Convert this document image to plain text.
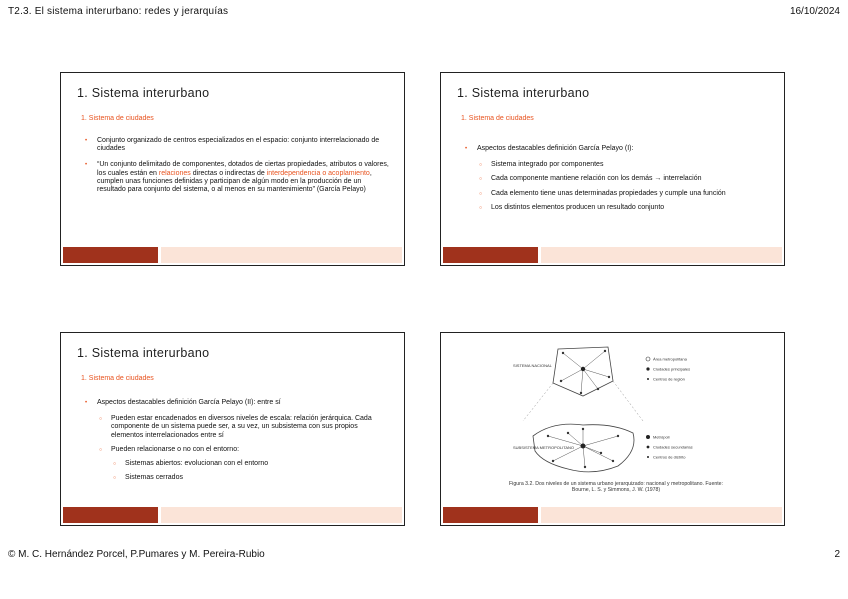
T2.3. El sistema interurbano: redes y jerarquías	16/10/2024
1. Sistema interurbano
1. Sistema de ciudades
• Conjunto organizado de centros especializados en el espacio: conjunto interrelacionado de ciudades
• “Un conjunto delimitado de componentes, dotados de ciertas propiedades, atributos o valores, los cuales están en relaciones directas o indirectas de interdependencia o acoplamiento, cumplen unas funciones definidas y participan de algún modo en la producción de un resultado para conjunto del sistema, o al menos en su mantenimiento” (García Pelayo)
1. Sistema interurbano
1. Sistema de ciudades
• Aspectos destacables definición García Pelayo (I):
○ Sistema integrado por componentes
○ Cada componente mantiene relación con los demás → interrelación
○ Cada elemento tiene unas determinadas propiedades y cumple una función
○ Los distintos elementos producen un resultado conjunto
1. Sistema interurbano
1. Sistema de ciudades
• Aspectos destacables definición García Pelayo (II): entre sí
○ Pueden estar encadenados en diversos niveles de escala: relación jerárquica. Cada componente de un sistema puede ser, a su vez, un subsistema con sus propios elementos interrelacionados entre sí
○ Pueden relacionarse o no con el entorno:
○ Sistemas abiertos: evolucionan con el entorno
○ Sistemas cerrados
SISTEMA NACIONAL
SUBSISTEMA METROPOLITANO
Área metropolitana
Ciudades principales
Centros de región
Metrópoli
Ciudades secundarias
Centros de distrito
Figura 3.2. Dos niveles de un sistema urbano jerarquizado: nacional y metropolitano. Fuente: Bourne, L. S. y Simmons, J. W. (1978)
© M. C. Hernández Porcel, P.Pumares y M. Pereira-Rubio	2
